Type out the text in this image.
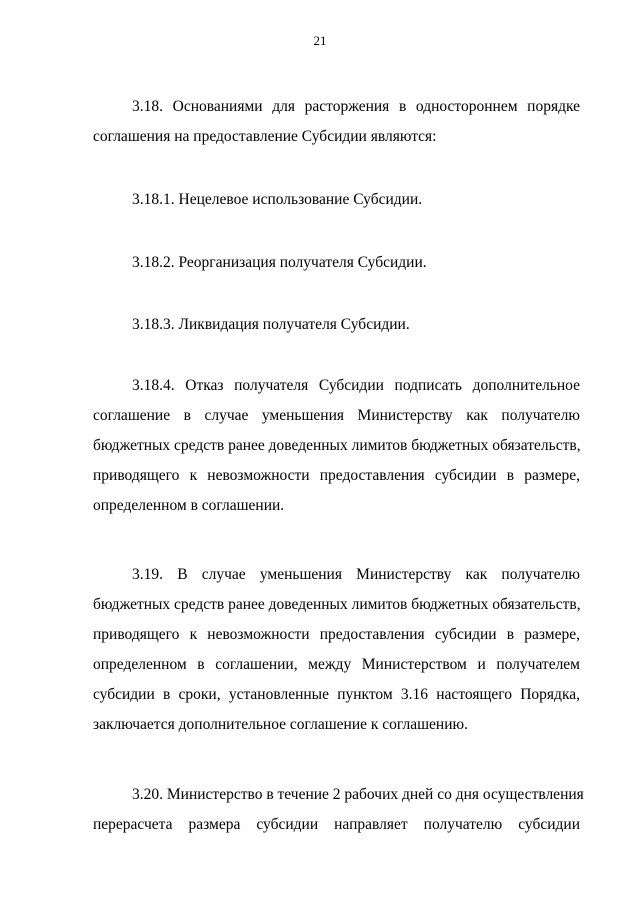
21
3.18. Основаниями для расторжения в одностороннем порядке
соглашения на предоставление Субсидии являются:
3.18.1. Нецелевое использование Субсидии.
3.18.2. Реорганизация получателя Субсидии.
3.18.3. Ликвидация получателя Субсидии.
3.18.4. Отказ получателя Субсидии подписать дополнительное
соглашение в случае уменьшения Министерству как получателю
бюджетных средств ранее доведенных лимитов бюджетных обязательств,
приводящего к невозможности предоставления субсидии в размере,
определенном в соглашении.
3.19. В случае уменьшения Министерству как получателю
бюджетных средств ранее доведенных лимитов бюджетных обязательств,
приводящего к невозможности предоставления субсидии в размере,
определенном в соглашении, между Министерством и получателем
субсидии в сроки, установленные пунктом 3.16 настоящего Порядка,
заключается дополнительное соглашение к соглашению.
3.20. Министерство в течение 2 рабочих дней со дня осуществления
перерасчета размера субсидии направляет получателю субсидии
